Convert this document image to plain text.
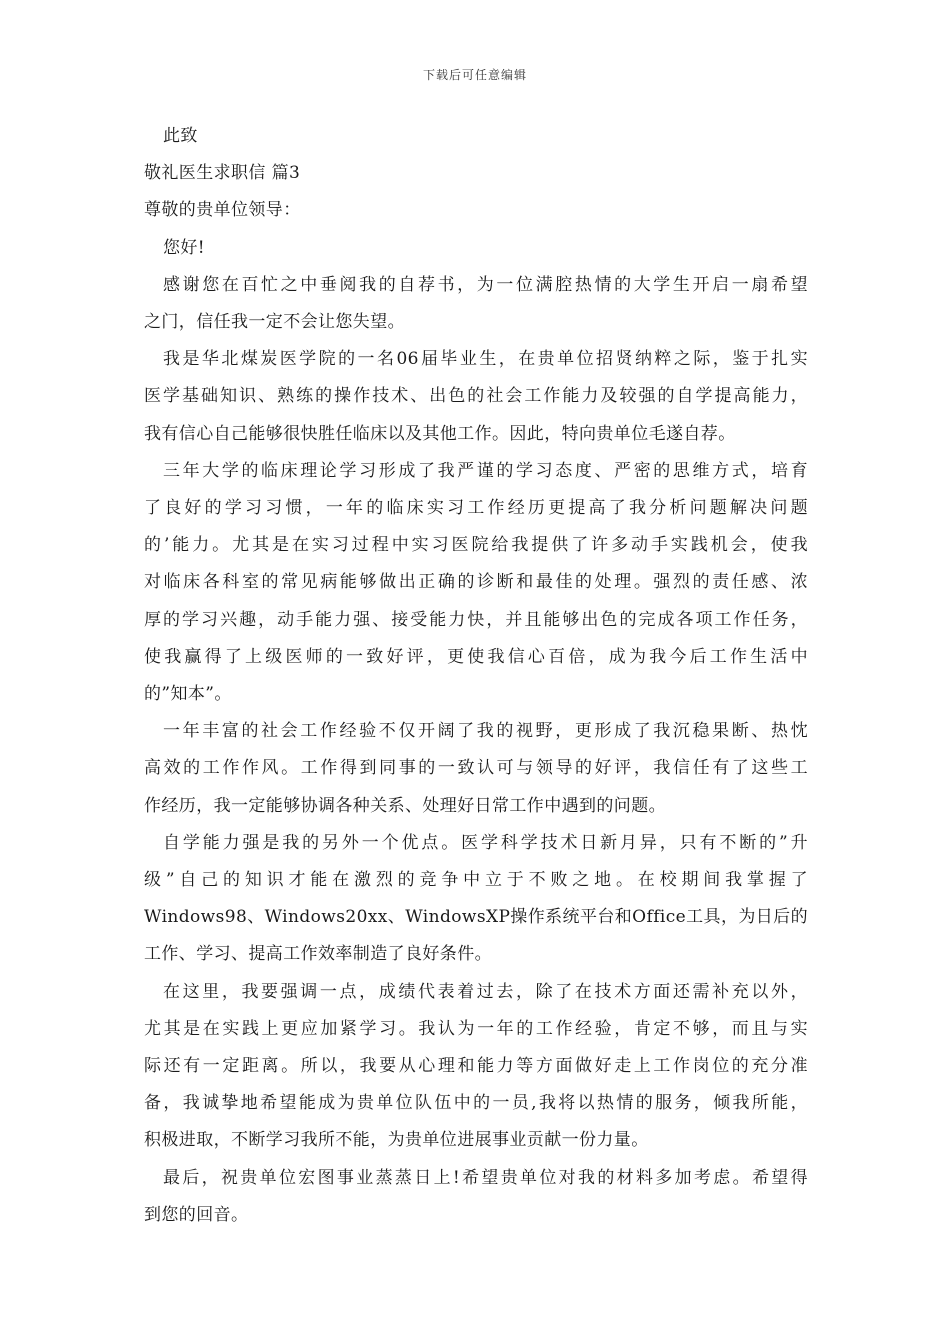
下载后可任意编辑
此致
敬礼医生求职信 篇3
尊敬的贵单位领导：
您好!
感谢您在百忙之中垂阅我的自荐书，为一位满腔热情的大学生开启一扇希望
之门，信任我一定不会让您失望。
我是华北煤炭医学院的一名06届毕业生，在贵单位招贤纳粹之际，鉴于扎实
医学基础知识、熟练的操作技术、出色的社会工作能力及较强的自学提高能力，
我有信心自己能够很快胜任临床以及其他工作。因此，特向贵单位毛遂自荐。
三年大学的临床理论学习形成了我严谨的学习态度、严密的思维方式，培育
了良好的学习习惯，一年的临床实习工作经历更提高了我分析问题解决问题
的’能力。尤其是在实习过程中实习医院给我提供了许多动手实践机会，使我
对临床各科室的常见病能够做出正确的诊断和最佳的处理。强烈的责任感、浓
厚的学习兴趣，动手能力强、接受能力快，并且能够出色的完成各项工作任务，
使我赢得了上级医师的一致好评，更使我信心百倍，成为我今后工作生活中
的”知本”。
一年丰富的社会工作经验不仅开阔了我的视野，更形成了我沉稳果断、热忱
高效的工作作风。工作得到同事的一致认可与领导的好评，我信任有了这些工
作经历，我一定能够协调各种关系、处理好日常工作中遇到的问题。
自学能力强是我的另外一个优点。医学科学技术日新月异，只有不断的”升
级”自己的知识才能在激烈的竞争中立于不败之地。在校期间我掌握了
Windows98、Windows20xx、WindowsXP操作系统平台和Office工具，为日后的
工作、学习、提高工作效率制造了良好条件。
在这里，我要强调一点，成绩代表着过去，除了在技术方面还需补充以外，
尤其是在实践上更应加紧学习。我认为一年的工作经验，肯定不够，而且与实
际还有一定距离。所以，我要从心理和能力等方面做好走上工作岗位的充分准
备，我诚挚地希望能成为贵单位队伍中的一员,我将以热情的服务，倾我所能，
积极进取，不断学习我所不能，为贵单位进展事业贡献一份力量。
最后，祝贵单位宏图事业蒸蒸日上!希望贵单位对我的材料多加考虑。希望得
到您的回音。
